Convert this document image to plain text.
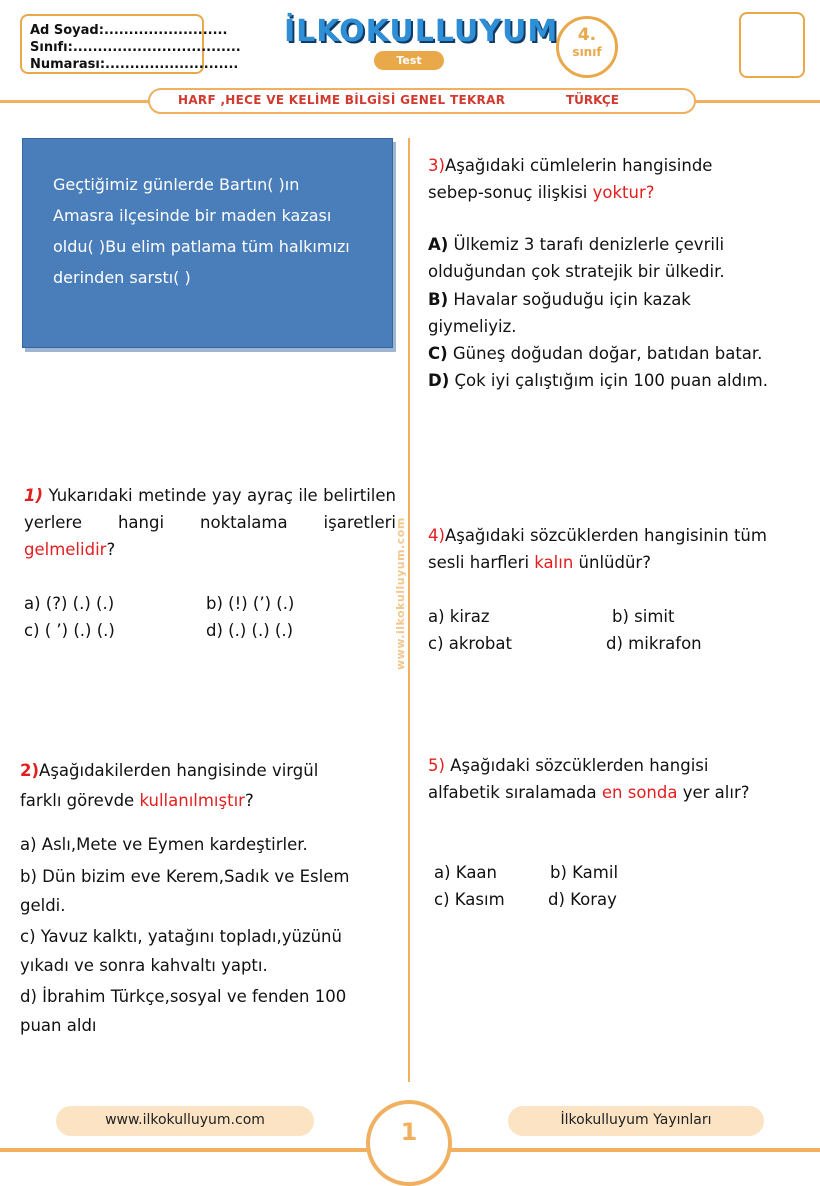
Ad Soyad:.........................
Sınıfı:..................................
Numarası:...........................
İLKOKULLUYUM
Test
4.
sınıf
HARF ,HECE VE KELİME BİLGİSİ GENEL TEKRAR	TÜRKÇE
www.ilkokulluyum.com
Geçtiğimiz günlerde Bartın( )ın Amasra ilçesinde bir maden kazası oldu( )Bu elim patlama tüm halkımızı derinden sarstı( )
1) Yukarıdaki metinde yay ayraç ile belirtilen yerlere hangi noktalama işaretleri gelmelidir?
a) (?) (.) (.)	b) (!) (’) (.)
c) ( ’) (.) (.)	d) (.) (.) (.)
2)Aşağıdakilerden hangisinde virgül farklı görevde kullanılmıştır?
a) Aslı,Mete ve Eymen kardeştirler.
b) Dün bizim eve Kerem,Sadık ve Eslem geldi.
c) Yavuz kalktı, yatağını topladı,yüzünü yıkadı ve sonra kahvaltı yaptı.
d) İbrahim Türkçe,sosyal ve fenden 100 puan aldı
3)Aşağıdaki cümlelerin hangisinde sebep-sonuç ilişkisi yoktur?
A) Ülkemiz 3 tarafı denizlerle çevrili olduğundan çok stratejik bir ülkedir.
B) Havalar soğuduğu için kazak giymeliyiz.
C) Güneş doğudan doğar, batıdan batar.
D) Çok iyi çalıştığım için 100 puan aldım.
4)Aşağıdaki sözcüklerden hangisinin tüm sesli harfleri kalın ünlüdür?
a) kiraz	b) simit
c) akrobat	d) mikrafon
5) Aşağıdaki sözcüklerden hangisi alfabetik sıralamada en sonda yer alır?
a) Kaan	b) Kamil
c) Kasım	d) Koray
www.ilkokulluyum.com	İlkokulluyum Yayınları
1
